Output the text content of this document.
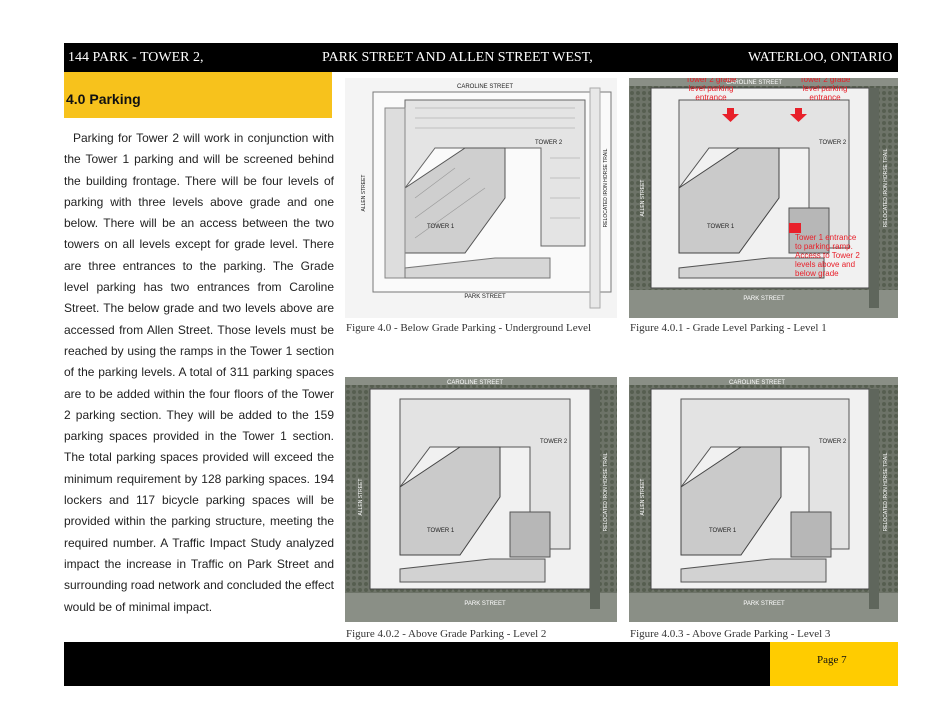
144 PARK - TOWER 2,	PARK STREET AND ALLEN STREET WEST,	WATERLOO, ONTARIO
4.0 Parking

Parking for Tower 2 will work in conjunction with the Tower 1 parking and will be screened behind the building frontage. There will be four levels of parking with three levels above grade and one below. There will be an access between the two towers on all levels except for grade level. There are three entrances to the parking. The Grade level parking has two entrances from Caroline Street. The below grade and two levels above are accessed from Allen Street. Those levels must be reached by using the ramps in the Tower 1 section of the parking levels. A total of 311 parking spaces are to be added within the four floors of the Tower 2 parking section. They will be added to the 159 parking spaces provided in the Tower 1 section. The total parking spaces provided will exceed the minimum requirement by 128 parking spaces. 194 lockers and 117 bicycle parking spaces will be provided within the parking structure, meeting the required number. A Traffic Impact Study analyzed impact the increase in Traffic on Park Street and surrounding road network and concluded the effect would be of minimal impact.

CAROLINE STREET
PARK STREET
ALLEN STREET	RELOCATED IRON HORSE TRAIL
TOWER 2
TOWER 1
Figure 4.0 - Below Grade Parking - Underground Level
CAROLINE STREET
PARK STREET
ALLEN STREET	RELOCATED IRON HORSE TRAIL
TOWER 2
TOWER 1
Tower 2 grade
level parking
entrance
Tower 2 grade
level parking
entrance
Tower 1 entrance
to parking ramp.
Access to Tower 2
levels above and
below grade
Figure 4.0.1 - Grade Level Parking - Level 1
CAROLINE STREET
PARK STREET
ALLEN STREET	RELOCATED IRON HORSE TRAIL
TOWER 2
TOWER 1
Figure 4.0.2 - Above Grade Parking - Level 2
CAROLINE STREET
PARK STREET
ALLEN STREET	RELOCATED IRON HORSE TRAIL
TOWER 2
TOWER 1
Figure 4.0.3 - Above Grade Parking - Level 3
Page 7
